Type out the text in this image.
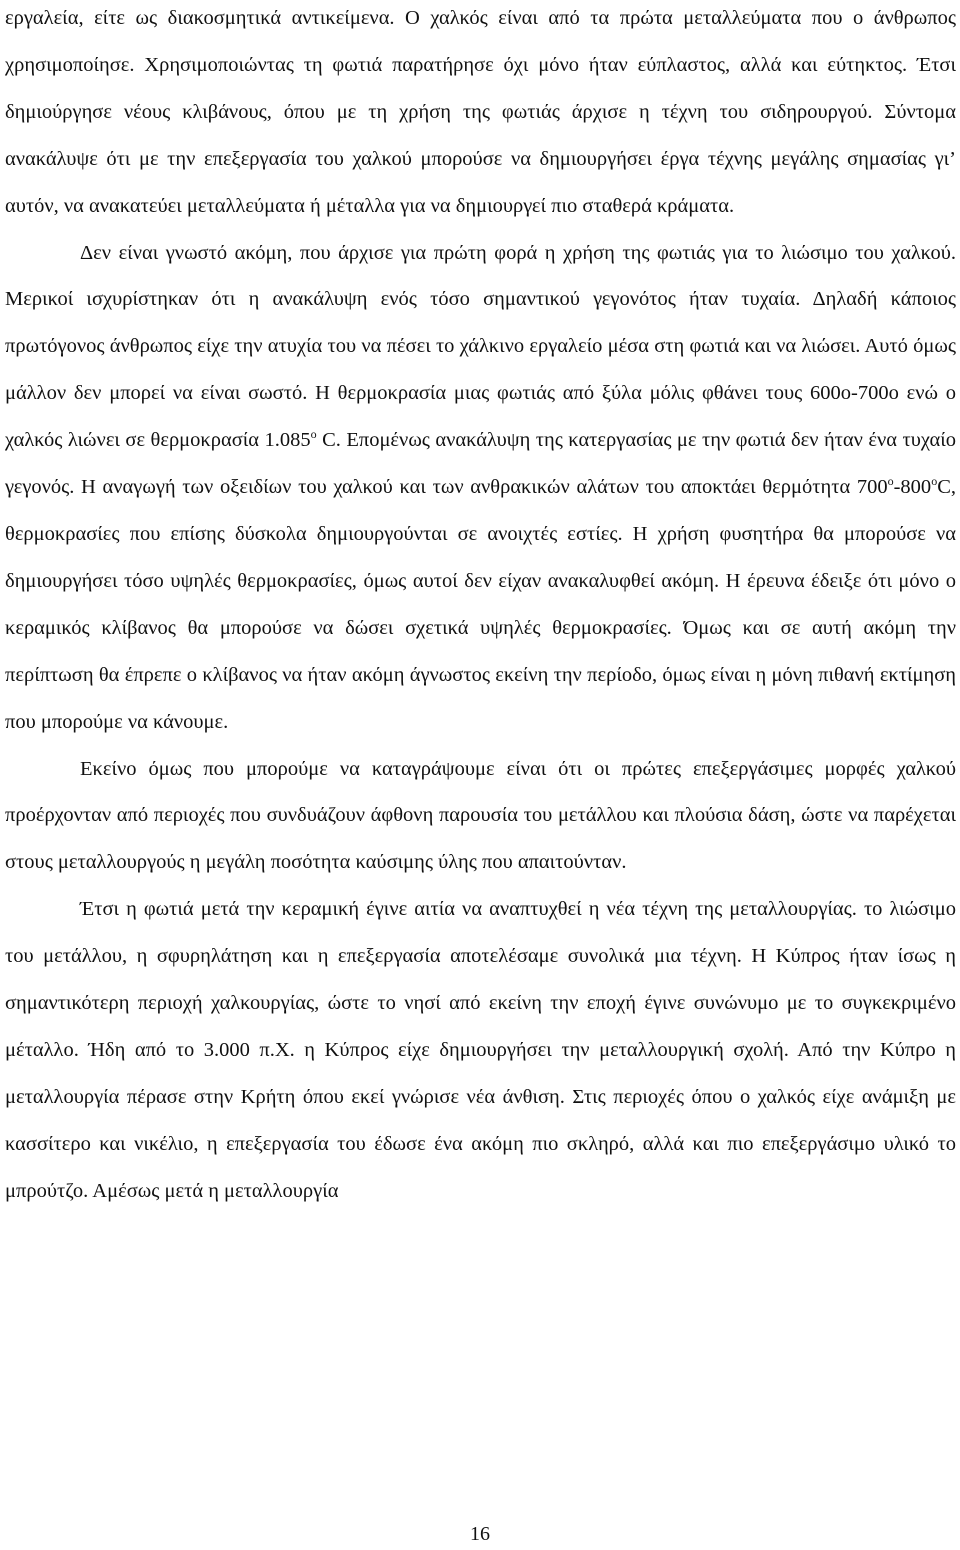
εργαλεία, είτε ως διακοσμητικά αντικείμενα. Ο χαλκός είναι από τα πρώτα μεταλλεύματα που ο άνθρωπος χρησιμοποίησε. Χρησιμοποιώντας τη φωτιά παρατήρησε όχι μόνο ήταν εύπλαστος, αλλά και εύτηκτος. Έτσι δημιούργησε νέους κλιβάνους, όπου με τη χρήση της φωτιάς άρχισε η τέχνη του σιδηρουργού. Σύντομα ανακάλυψε ότι με την επεξεργασία του χαλκού μπορούσε να δημιουργήσει έργα τέχνης μεγάλης σημασίας γι’ αυτόν, να ανακατεύει μεταλλεύματα ή μέταλλα για να δημιουργεί πιο σταθερά κράματα.

Δεν είναι γνωστό ακόμη, που άρχισε για πρώτη φορά η χρήση της φωτιάς για το λιώσιμο του χαλκού. Μερικοί ισχυρίστηκαν ότι η ανακάλυψη ενός τόσο σημαντικού γεγονότος ήταν τυχαία. Δηλαδή κάποιος πρωτόγονος άνθρωπος είχε την ατυχία του να πέσει το χάλκινο εργαλείο μέσα στη φωτιά και να λιώσει. Αυτό όμως μάλλον δεν μπορεί να είναι σωστό. Η θερμοκρασία μιας φωτιάς από ξύλα μόλις φθάνει τους 600ο-700ο ενώ ο χαλκός λιώνει σε θερμοκρασία $1.085^o$ C. Επομένως ανακάλυψη της κατεργασίας με την φωτιά δεν ήταν ένα τυχαίο γεγονός. Η αναγωγή των οξειδίων του χαλκού και των ανθρακικών αλάτων του αποκτάει θερμότητα $700^o-800^oC$, θερμοκρασίες που επίσης δύσκολα δημιουργούνται σε ανοιχτές εστίες. Η χρήση φυσητήρα θα μπορούσε να δημιουργήσει τόσο υψηλές θερμοκρασίες, όμως αυτοί δεν είχαν ανακαλυφθεί ακόμη. Η έρευνα έδειξε ότι μόνο ο κεραμικός κλίβανος θα μπορούσε να δώσει σχετικά υψηλές θερμοκρασίες. Όμως και σε αυτή ακόμη την περίπτωση θα έπρεπε ο κλίβανος να ήταν ακόμη άγνωστος εκείνη την περίοδο, όμως είναι η μόνη πιθανή εκτίμηση που μπορούμε να κάνουμε.

Εκείνο όμως που μπορούμε να καταγράψουμε είναι ότι οι πρώτες επεξεργάσιμες μορφές χαλκού προέρχονταν από περιοχές που συνδυάζουν άφθονη παρουσία του μετάλλου και πλούσια δάση, ώστε να παρέχεται στους μεταλλουργούς η μεγάλη ποσότητα καύσιμης ύλης που απαιτούνταν.

Έτσι η φωτιά μετά την κεραμική έγινε αιτία να αναπτυχθεί η νέα τέχνη της μεταλλουργίας. το λιώσιμο του μετάλλου, η σφυρηλάτηση και η επεξεργασία αποτελέσαμε συνολικά μια τέχνη. Η Κύπρος ήταν ίσως η σημαντικότερη περιοχή χαλκουργίας, ώστε το νησί από εκείνη την εποχή έγινε συνώνυμο με το συγκεκριμένο μέταλλο. Ήδη από το 3.000 π.Χ. η Κύπρος είχε δημιουργήσει την μεταλλουργική σχολή. Από την Κύπρο η μεταλλουργία πέρασε στην Κρήτη όπου εκεί γνώρισε νέα άνθιση. Στις περιοχές όπου ο χαλκός είχε ανάμιξη με κασσίτερο και νικέλιο, η επεξεργασία του έδωσε ένα ακόμη πιο σκληρό, αλλά και πιο επεξεργάσιμο υλικό το μπρούτζο. Αμέσως μετά η μεταλλουργία

16
